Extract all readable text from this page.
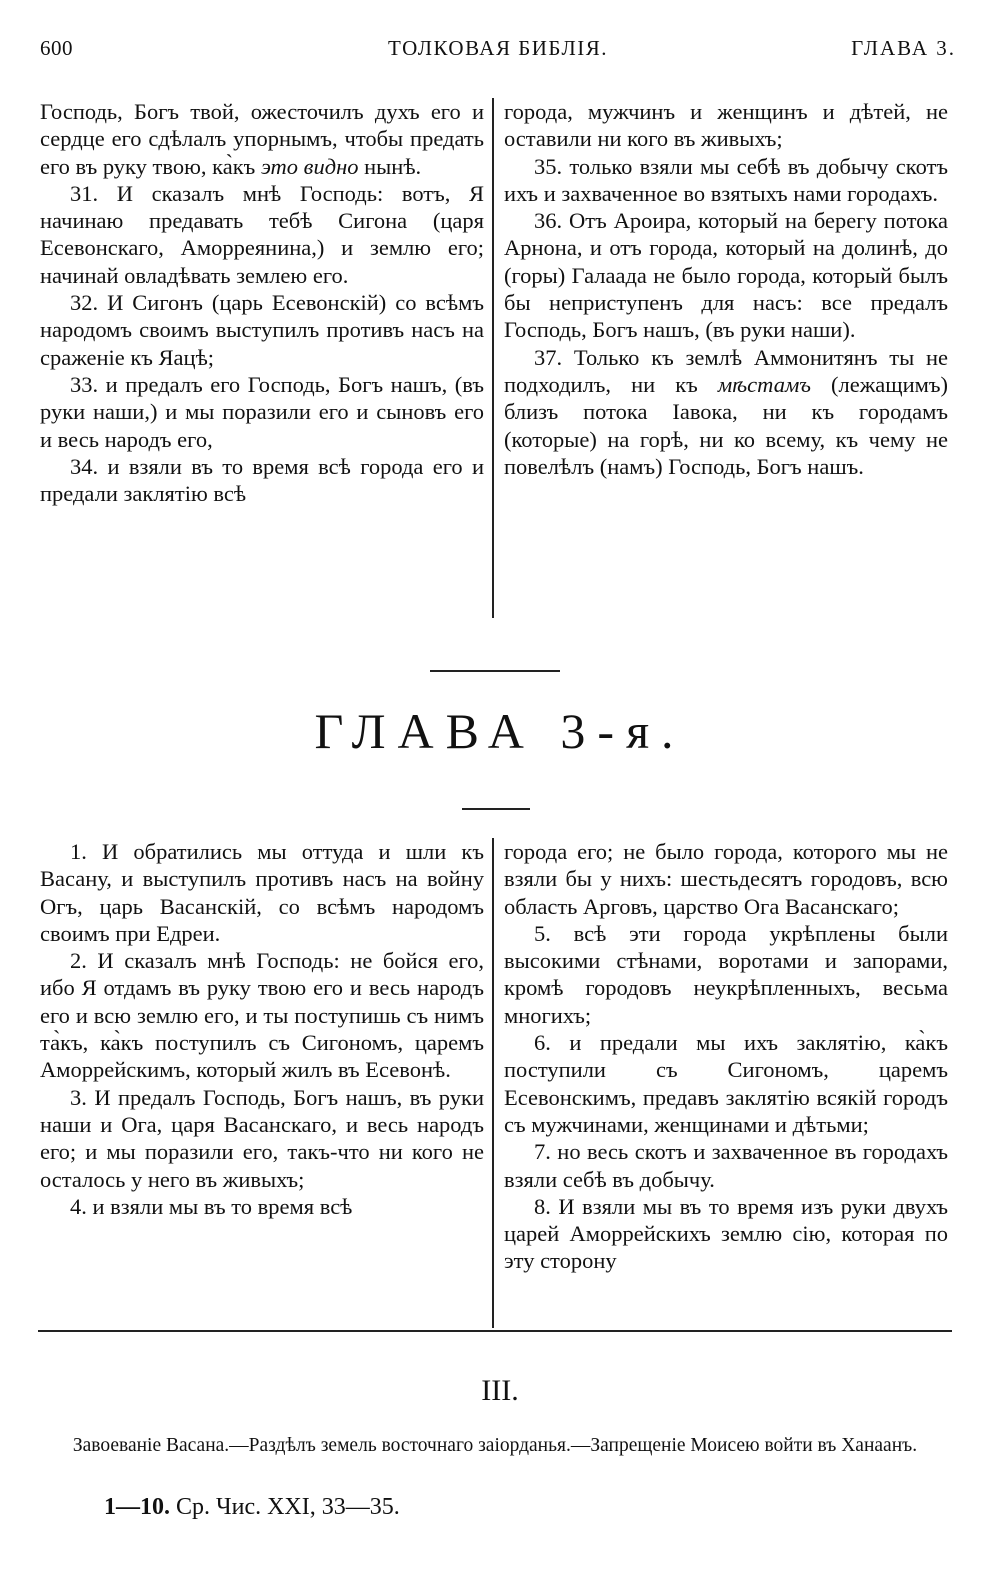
600	ТОЛКОВАЯ БИБЛІЯ.	ГЛАВА 3.

Господь, Богъ твой, ожесточилъ духъ его и сердце его сдѣлалъ упорнымъ, чтобы предать его въ руку твою, ка̀къ это видно нынѣ.

31. И сказалъ мнѣ Господь: вотъ, Я начинаю предавать тебѣ Сигона (царя Есевонскаго, Аморреянина,) и землю его; начинай овладѣвать землею его.

32. И Сигонъ (царь Есевонскій) со всѣмъ народомъ своимъ выступилъ противъ насъ на сраженіе къ Яацѣ;

33. и предалъ его Господь, Богъ нашъ, (въ руки наши,) и мы поразили его и сыновъ его и весь народъ его,

34. и взяли въ то время всѣ города его и предали заклятію всѣ

города, мужчинъ и женщинъ и дѣтей, не оставили ни кого въ живыхъ;

35. только взяли мы себѣ въ добычу скотъ ихъ и захваченное во взятыхъ нами городахъ.

36. Отъ Ароира, который на берегу потока Арнона, и отъ города, который на долинѣ, до (горы) Галаада не было города, который былъ бы неприступенъ для насъ: все предалъ Господь, Богъ нашъ, (въ руки наши).

37. Только къ землѣ Аммонитянъ ты не подходилъ, ни къ мѣстамъ (лежащимъ) близъ потока Іавока, ни къ городамъ (которые) на горѣ, ни ко всему, къ чему не повелѣлъ (намъ) Господь, Богъ нашъ.

ГЛАВА 3-я.

1. И обратились мы оттуда и шли къ Васану, и выступилъ противъ насъ на войну Огъ, царь Васанскій, со всѣмъ народомъ своимъ при Едреи.

2. И сказалъ мнѣ Господь: не бойся его, ибо Я отдамъ въ руку твою его и весь народъ его и всю землю его, и ты поступишь съ нимъ та̀къ, ка̀къ поступилъ съ Сигономъ, царемъ Аморрейскимъ, который жилъ въ Есевонѣ.

3. И предалъ Господь, Богъ нашъ, въ руки наши и Ога, царя Васанскаго, и весь народъ его; и мы поразили его, такъ-что ни кого не осталось у него въ живыхъ;

4. и взяли мы въ то время всѣ

города его; не было города, которого мы не взяли бы у нихъ: шестьдесятъ городовъ, всю область Арговъ, царство Ога Васанскаго;

5. всѣ эти города укрѣплены были высокими стѣнами, воротами и запорами, кромѣ городовъ неукрѣпленныхъ, весьма многихъ;

6. и предали мы ихъ заклятію, ка̀къ поступили съ Сигономъ, царемъ Есевонскимъ, предавъ заклятію всякій городъ съ мужчинами, женщинами и дѣтьми;

7. но весь скотъ и захваченное въ городахъ взяли себѣ въ добычу.

8. И взяли мы въ то время изъ руки двухъ царей Аморрейскихъ землю сію, которая по эту сторону

III.
Завоеваніе Васана.—Раздѣлъ земель восточнаго заіорданья.—Запрещеніе Моисею войти въ Ханаанъ.
1—10. Ср. Чис. XXI, 33—35.
